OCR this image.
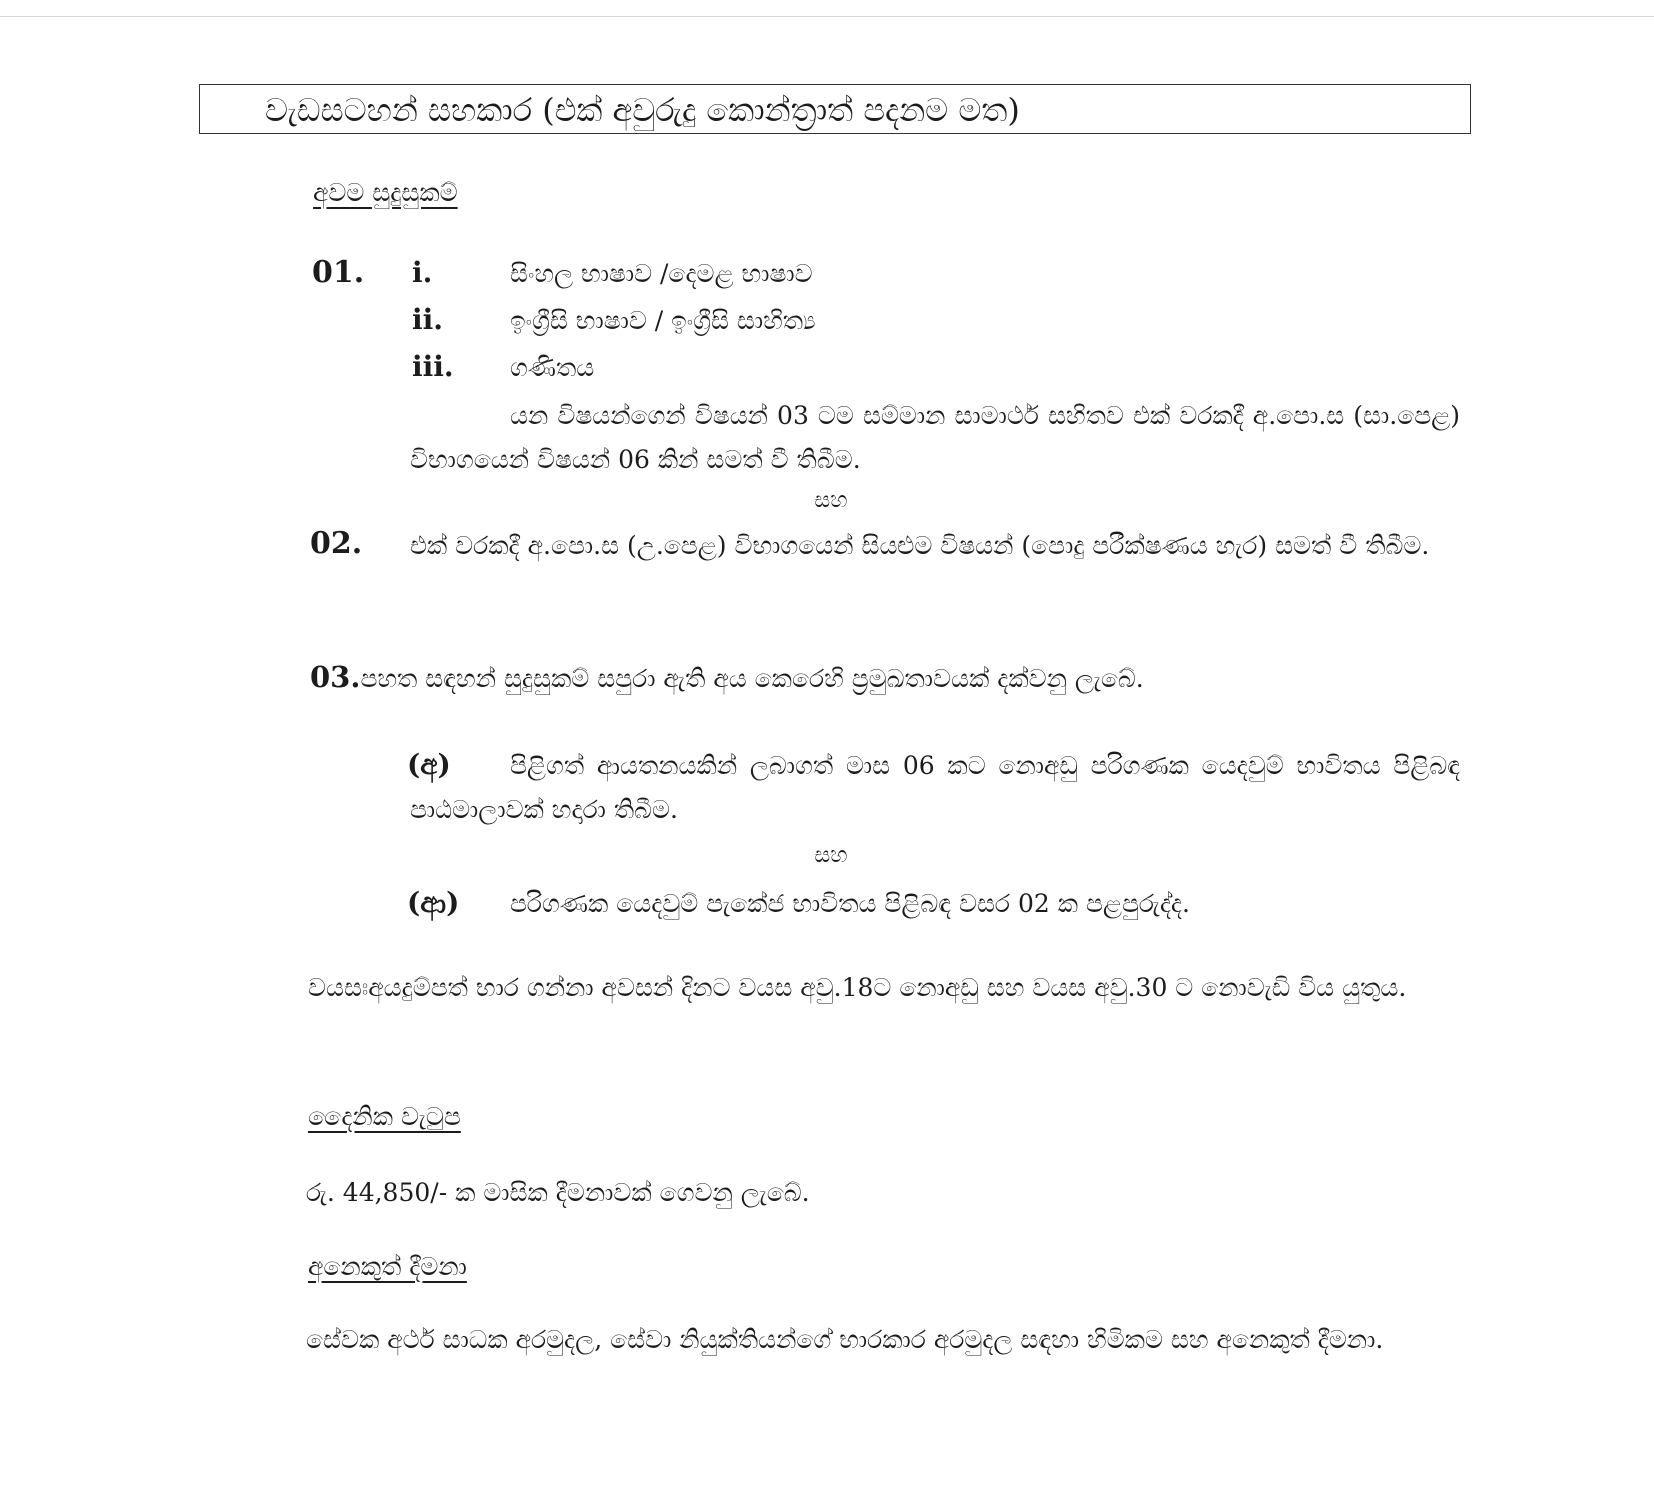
වැඩසටහන් සහකාර (එක් අවුරුදු කොන්ත්‍රාත් පදනම මත)
අවම සුදුසුකම්
01. i.	සිංහල භාෂාව /දෙමළ භාෂාව
ii.	ඉංග්‍රීසි භාෂාව / ඉංග්‍රීසි සාහිත්‍ය
iii. ගණිතය
යන විෂයන්ගෙන් විෂයන් 03 ටම සම්මාන සාමාර්ථ සහිතව එක් වරකදී අ.පො.ස (සා.පෙළ) විභාගයෙන් විෂයන් 06 කින් සමත් වී තිබීම.
සහ
02.	එක් වරකදී අ.පො.ස (උ.පෙළ) විභාගයෙන් සියළුම විෂයන් (පොදු පරීක්ෂණය හැර) සමත් වී තිබීම.
03.පහත සඳහන් සුදුසුකම් සපුරා ඇති අය කෙරෙහි ප්‍රමුඛතාවයක් දක්වනු ලැබේ.
(අ)	පිළිගත් ආයතනයකින් ලබාගත් මාස 06 කට නොඅඩු පරිගණක යෙදවුම් භාවිතය පිළිබඳ පාඨමාලාවක් හදාරා තිබීම.
සහ
(ආ) පරිගණක යෙදවුම් පැකේජ භාවිතය පිළිබඳ වසර 02 ක පළපුරුද්ද.
වයසඃඅයදුම්පත් භාර ගන්නා අවසන් දිනට වයස අවු.18ට නොඅඩු සහ වයස අවු.30 ට නොවැඩි විය යුතුය.
දෛනික වැටුප
රු. 44,850/- ක මාසික දීමනාවක් ගෙවනු ලැබේ.
අනෙකුත් දීමනා
සේවක අර්ථ සාධක අරමුදල, සේවා නියුක්තියන්ගේ භාරකාර අරමුදල සඳහා හිමිකම සහ අනෙකුත් දීමනා.
